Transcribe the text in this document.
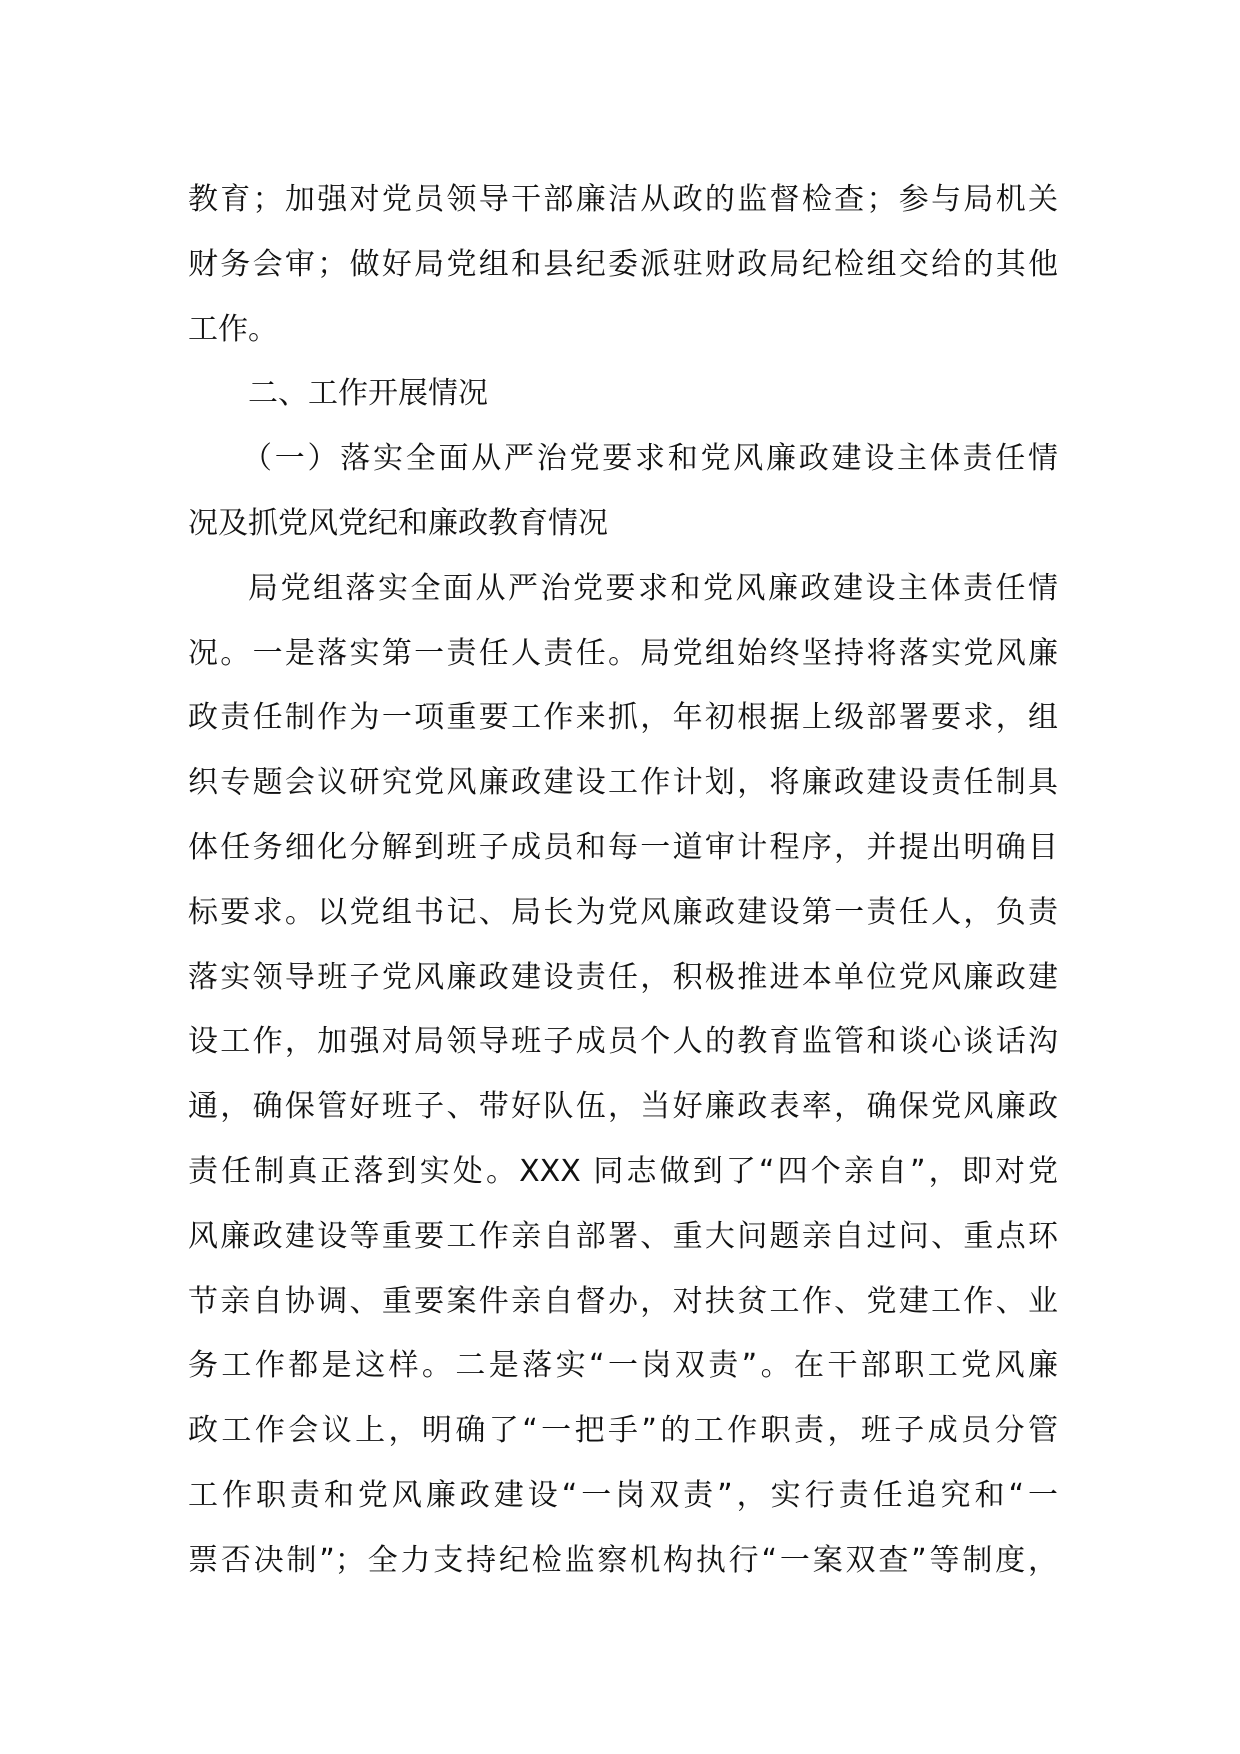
教育；加强对党员领导干部廉洁从政的监督检查；参与局机关
财务会审；做好局党组和县纪委派驻财政局纪检组交给的其他
工作。
二、工作开展情况
（一）落实全面从严治党要求和党风廉政建设主体责任情
况及抓党风党纪和廉政教育情况
局党组落实全面从严治党要求和党风廉政建设主体责任情
况。一是落实第一责任人责任。局党组始终坚持将落实党风廉
政责任制作为一项重要工作来抓，年初根据上级部署要求，组
织专题会议研究党风廉政建设工作计划，将廉政建设责任制具
体任务细化分解到班子成员和每一道审计程序，并提出明确目
标要求。以党组书记、局长为党风廉政建设第一责任人，负责
落实领导班子党风廉政建设责任，积极推进本单位党风廉政建
设工作，加强对局领导班子成员个人的教育监管和谈心谈话沟
通，确保管好班子、带好队伍，当好廉政表率，确保党风廉政
责任制真正落到实处。XXX 同志做到了“四个亲自”，即对党
风廉政建设等重要工作亲自部署、重大问题亲自过问、重点环
节亲自协调、重要案件亲自督办，对扶贫工作、党建工作、业
务工作都是这样。二是落实“一岗双责”。在干部职工党风廉
政工作会议上，明确了“一把手”的工作职责，班子成员分管
工作职责和党风廉政建设“一岗双责”，实行责任追究和“一
票否决制”；全力支持纪检监察机构执行“一案双查”等制度，
